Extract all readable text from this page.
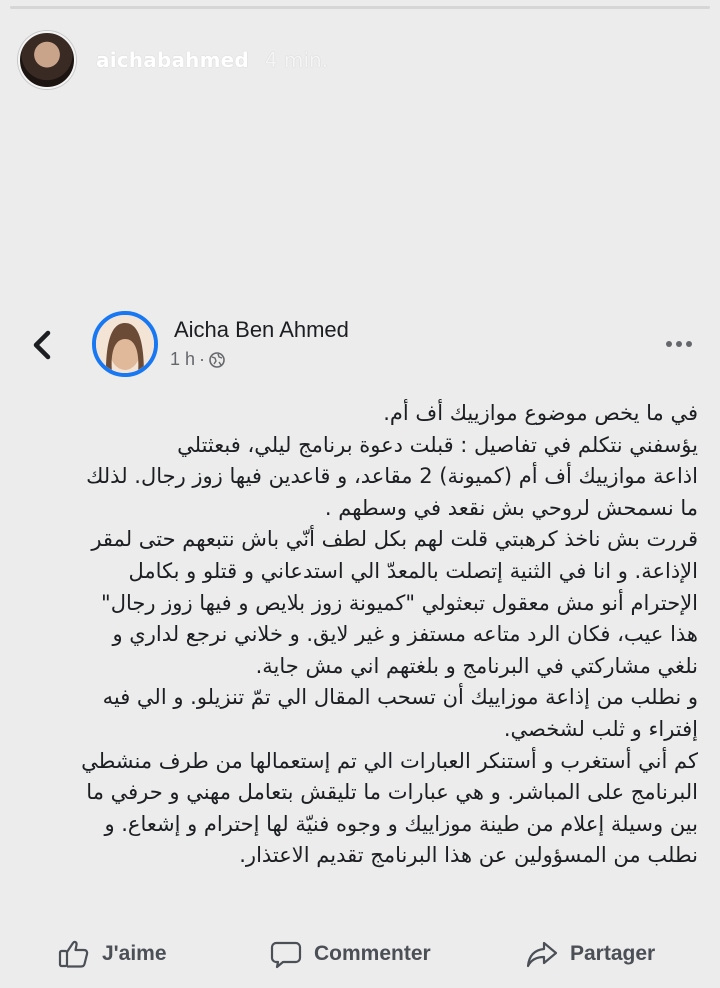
aichabahmed 4 min.
Aicha Ben Ahmed
1 h ·

في ما يخص موضوع موازييك أف أم.

يؤسفني نتكلم في تفاصيل : قبلت دعوة برنامج ليلي، فبعثتلي

اذاعة موازييك أف أم (كميونة) 2 مقاعد، و قاعدين فيها زوز رجال. لذلك

ما نسمحش لروحي بش نقعد في وسطهم .

قررت بش ناخذ كرهبتي قلت لهم بكل لطف أنّي باش نتبعهم حتى لمقر

الإذاعة. و انا في الثنية إتصلت بالمعدّ الي استدعاني و قتلو و بكامل

الإحترام أنو مش معقول تبعثولي "كميونة زوز بلايص و فيها زوز رجال"

هذا عيب، فكان الرد متاعه مستفز و غير لايق. و خلاني نرجع لداري و

نلغي مشاركتي في البرنامج و بلغتهم اني مش جاية.

و نطلب من إذاعة موزاييك أن تسحب المقال الي تمّ تنزيلو. و الي فيه

إفتراء و ثلب لشخصي.

كم أني أستغرب و أستنكر العبارات الي تم إستعمالها من طرف منشطي

البرنامج على المباشر. و هي عبارات ما تليقش بتعامل مهني و حرفي ما

بين وسيلة إعلام من طينة موزاييك و وجوه فنيّة لها إحترام و إشعاع. و

نطلب من المسؤولين عن هذا البرنامج تقديم الاعتذار.

J'aime	Commenter	Partager
